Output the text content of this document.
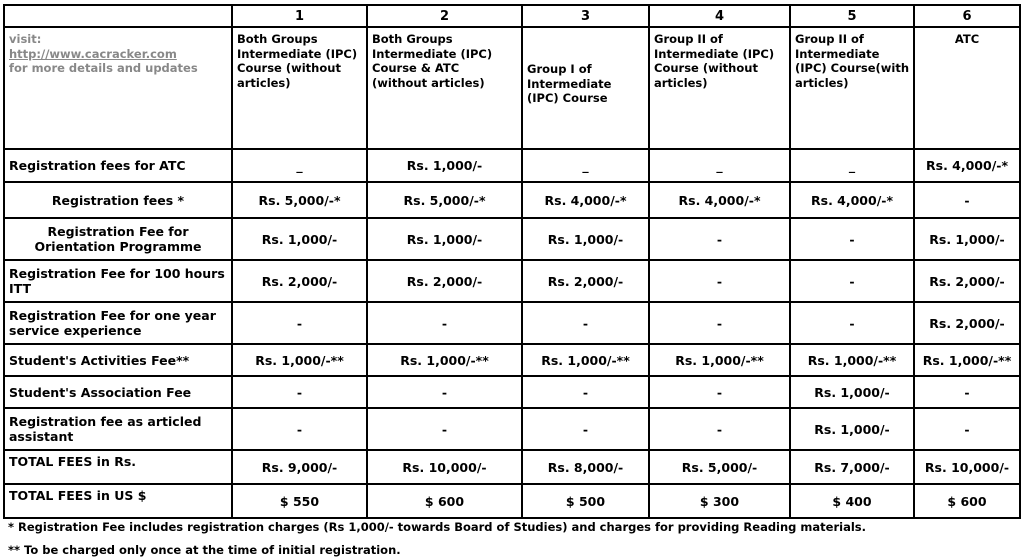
	1	2	3	4	5	6
visit:
http://www.cacracker.com
for more details and updates	Both Groups Intermediate (IPC) Course (without articles)	Both Groups Intermediate (IPC) Course & ATC (without articles)	Group I of Intermediate (IPC) Course	Group II of Intermediate (IPC) Course (without articles)	Group II of Intermediate (IPC) Course(with articles)	ATC
Registration fees for ATC	_	Rs. 1,000/-	_	_	_	Rs. 4,000/-*
Registration fees *	Rs. 5,000/-*	Rs. 5,000/-*	Rs. 4,000/-*	Rs. 4,000/-*	Rs. 4,000/-*	-
Registration Fee for Orientation Programme	Rs. 1,000/-	Rs. 1,000/-	Rs. 1,000/-	-	-	Rs. 1,000/-
Registration Fee for 100 hours ITT	Rs. 2,000/-	Rs. 2,000/-	Rs. 2,000/-	-	-	Rs. 2,000/-
Registration Fee for one year service experience	-	-	-	-	-	Rs. 2,000/-
Student's Activities Fee**	Rs. 1,000/-**	Rs. 1,000/-**	Rs. 1,000/-**	Rs. 1,000/-**	Rs. 1,000/-**	Rs. 1,000/-**
Student's Association Fee	-	-	-	-	Rs. 1,000/-	-
Registration fee as articled assistant	-	-	-	-	Rs. 1,000/-	-
TOTAL FEES in Rs.	Rs. 9,000/-	Rs. 10,000/-	Rs. 8,000/-	Rs. 5,000/-	Rs. 7,000/-	Rs. 10,000/-
TOTAL FEES in US $	$ 550	$ 600	$ 500	$ 300	$ 400	$ 600
* Registration Fee includes registration charges (Rs 1,000/- towards Board of Studies) and charges for providing Reading materials.
** To be charged only once at the time of initial registration.
